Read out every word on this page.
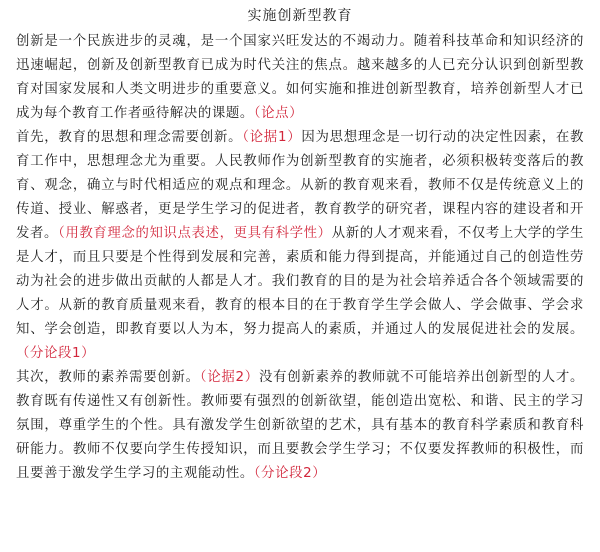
实施创新型教育

创新是一个民族进步的灵魂，是一个国家兴旺发达的不竭动力。随着科技革命和知识经济的迅速崛起，创新及创新型教育已成为时代关注的焦点。越来越多的人已充分认识到创新型教育对国家发展和人类文明进步的重要意义。如何实施和推进创新型教育，培养创新型人才已成为每个教育工作者亟待解决的课题。（论点）

首先，教育的思想和理念需要创新。（论据1）因为思想理念是一切行动的决定性因素，在教育工作中，思想理念尤为重要。人民教师作为创新型教育的实施者，必须积极转变落后的教育、观念，确立与时代相适应的观点和理念。从新的教育观来看，教师不仅是传统意义上的传道、授业、解惑者，更是学生学习的促进者，教育教学的研究者，课程内容的建设者和开发者。（用教育理念的知识点表述，更具有科学性）从新的人才观来看，不仅考上大学的学生是人才，而且只要是个性得到发展和完善，素质和能力得到提高，并能通过自己的创造性劳动为社会的进步做出贡献的人都是人才。我们教育的目的是为社会培养适合各个领域需要的人才。从新的教育质量观来看，教育的根本目的在于教育学生学会做人、学会做事、学会求知、学会创造，即教育要以人为本，努力提高人的素质，并通过人的发展促进社会的发展。（分论段1）

其次，教师的素养需要创新。（论据2）没有创新素养的教师就不可能培养出创新型的人才。教育既有传递性又有创新性。教师要有强烈的创新欲望，能创造出宽松、和谐、民主的学习氛围，尊重学生的个性。具有激发学生创新欲望的艺术，具有基本的教育科学素质和教育科研能力。教师不仅要向学生传授知识，而且要教会学生学习；不仅要发挥教师的积极性，而且要善于激发学生学习的主观能动性。（分论段2）
